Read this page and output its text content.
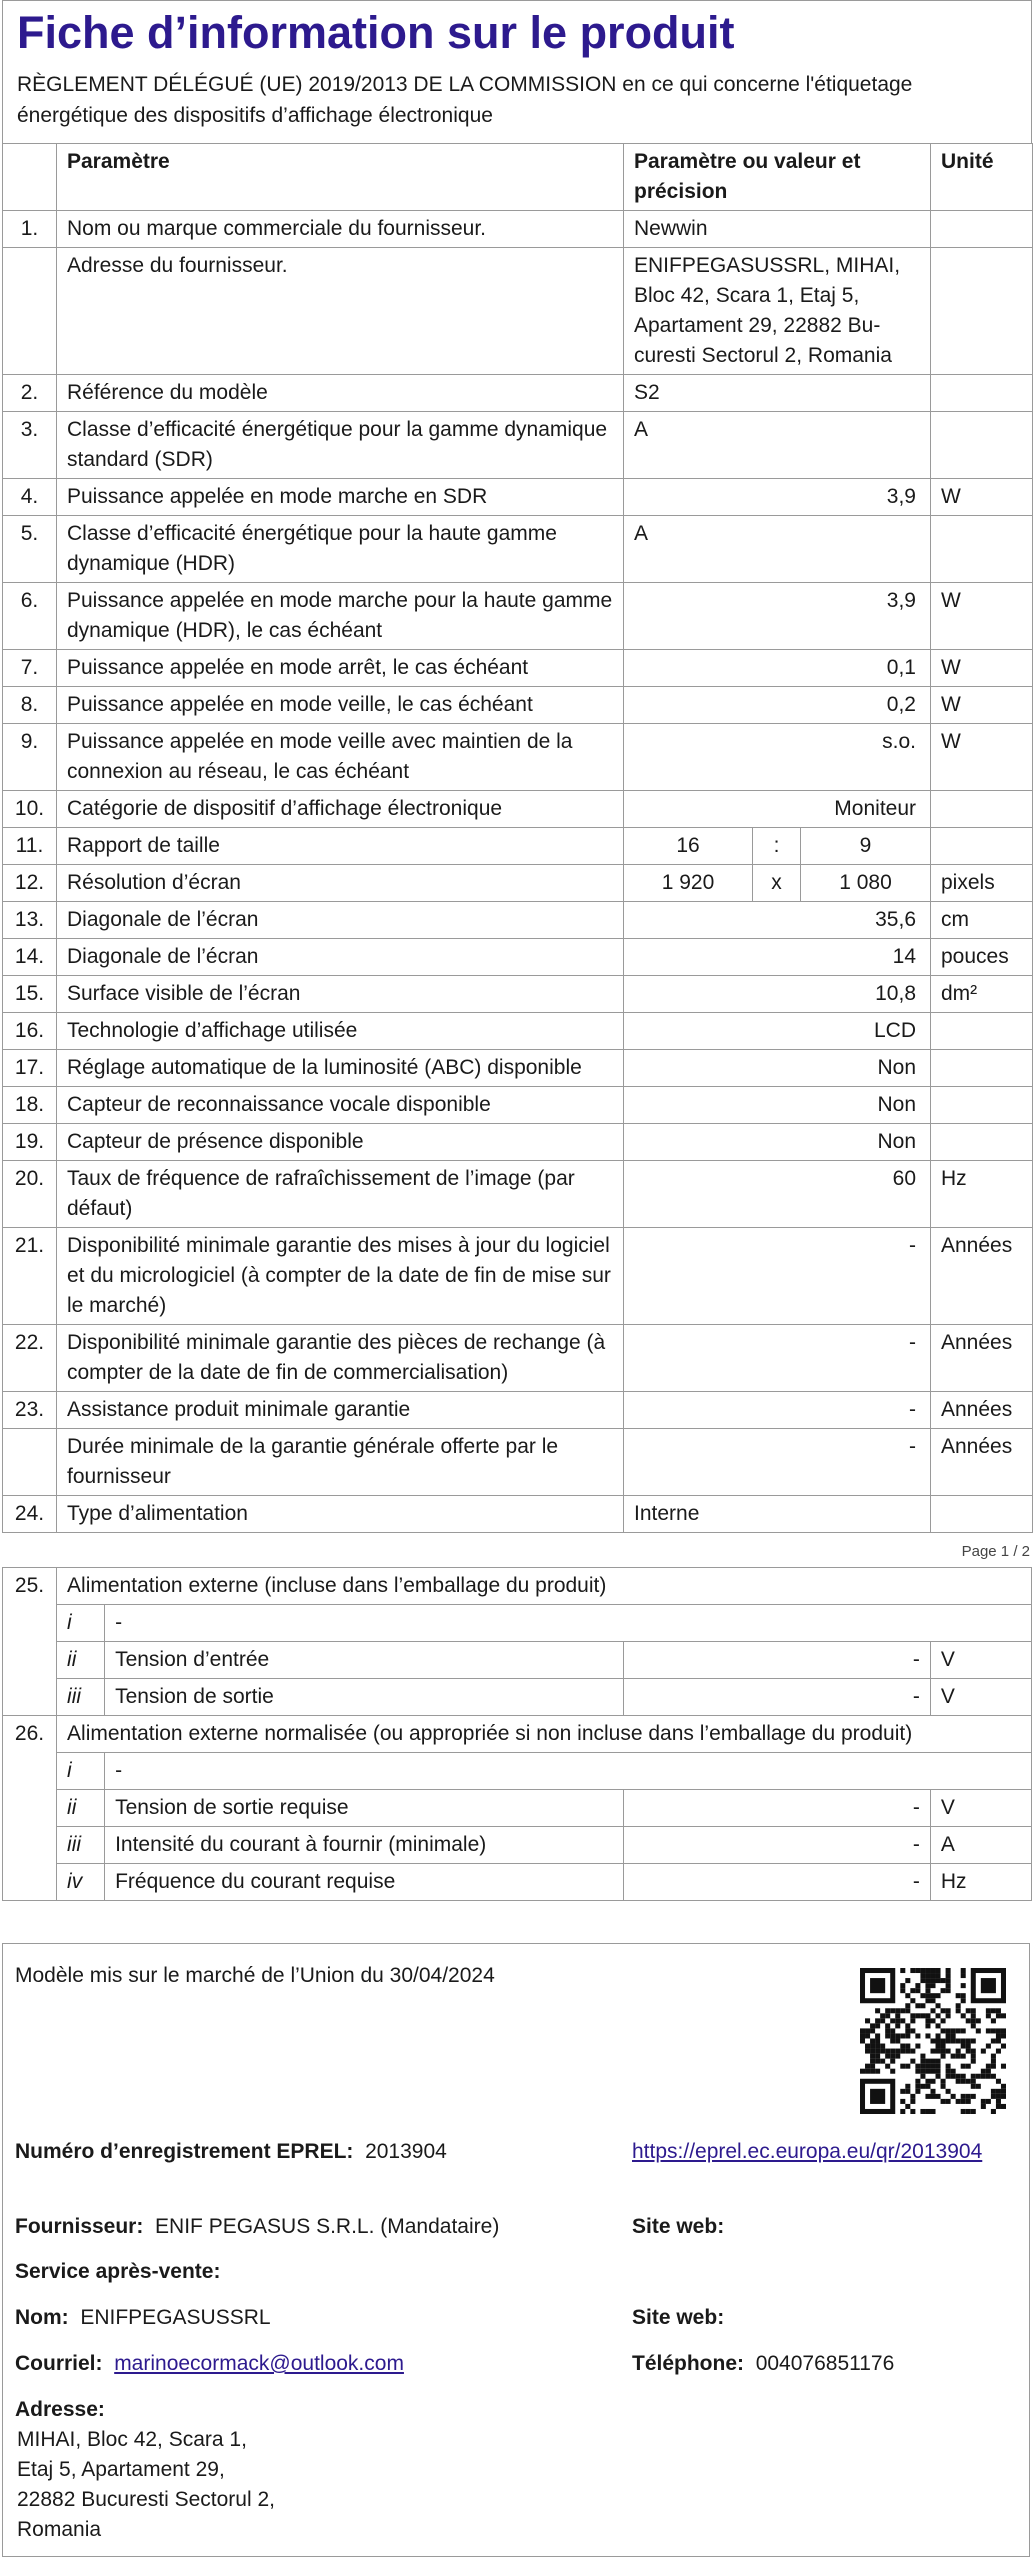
Fiche d’information sur le produit
RÈGLEMENT DÉLÉGUÉ (UE) 2019/2013 DE LA COMMISSION en ce qui concerne l'étiquetage énergétique des dispositifs d’affichage électronique
	Paramètre	Paramètre ou valeur et précision			Unité
1.	Nom ou marque commerciale du fournisseur.	Newwin			
	Adresse du fournisseur.	ENIFPEGASUSSRL, MIHAI, Bloc 42, Scara 1, Etaj 5, Apartament 29, 22882 Bucuresti Sectorul 2, Romania			
2.	Référence du modèle	S2			
3.	Classe d’efficacité énergétique pour la gamme dynamique standard (SDR)	A			
4.	Puissance appelée en mode marche en SDR	3,9			W
5.	Classe d’efficacité énergétique pour la haute gamme dynamique (HDR)	A			
6.	Puissance appelée en mode marche pour la haute gamme dynamique (HDR), le cas échéant	3,9			W
7.	Puissance appelée en mode arrêt, le cas échéant	0,1			W
8.	Puissance appelée en mode veille, le cas échéant	0,2			W
9.	Puissance appelée en mode veille avec maintien de la connexion au réseau, le cas échéant	s.o.			W
10.	Catégorie de dispositif d’affichage électronique	Moniteur			
11.	Rapport de taille	16	:	9	
12.	Résolution d’écran	1 920	x	1 080	pixels
13.	Diagonale de l’écran	35,6			cm
14.	Diagonale de l’écran	14			pouces
15.	Surface visible de l’écran	10,8			dm²
16.	Technologie d’affichage utilisée	LCD			
17.	Réglage automatique de la luminosité (ABC) disponible	Non			
18.	Capteur de reconnaissance vocale disponible	Non			
19.	Capteur de présence disponible	Non			
20.	Taux de fréquence de rafraîchissement de l’image (par défaut)	60			Hz
21.	Disponibilité minimale garantie des mises à jour du logiciel et du micrologiciel (à compter de la date de fin de mise sur le marché)	-			Années
22.	Disponibilité minimale garantie des pièces de rechange (à compter de la date de fin de commercialisation)	-			Années
23.	Assistance produit minimale garantie	-			Années
	Durée minimale de la garantie générale offerte par le fournisseur	-			Années
24.	Type d’alimentation	Interne			
Page 1 / 2
25.	Alimentation externe (incluse dans l’emballage du produit)			
	i	-		
	ii	Tension d’entrée	-	V
	iii	Tension de sortie	-	V
26.	Alimentation externe normalisée (ou appropriée si non incluse dans l’emballage du produit)			
	i	-		
	ii	Tension de sortie requise	-	V
	iii	Intensité du courant à fournir (minimale)	-	A
	iv	Fréquence du courant requise	-	Hz
Modèle mis sur le marché de l’Union du 30/04/2024
Numéro d’enregistrement EPREL: 2013904	https://eprel.ec.europa.eu/qr/2013904
Fournisseur: ENIF PEGASUS S.R.L. (Mandataire)	Site web:
Service après-vente:
Nom: ENIFPEGASUSSRL	Site web:
Courriel: marinoecormack@outlook.com	Téléphone: 004076851176
Adresse:
MIHAI, Bloc 42, Scara 1,
Etaj 5, Apartament 29,
22882 Bucuresti Sectorul 2,
Romania
